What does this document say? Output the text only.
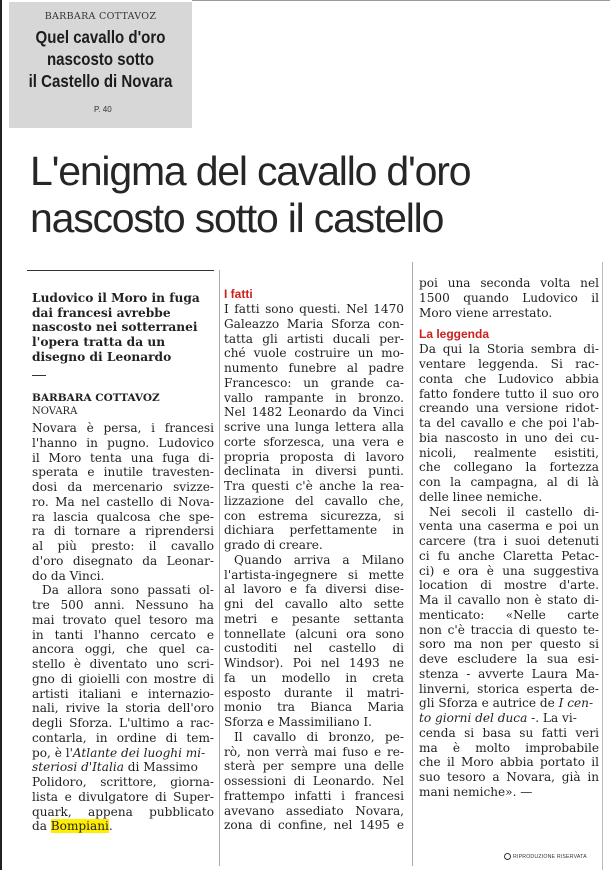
BARBARA COTTAVOZ
Quel cavallo d'oro
nascosto sotto
il Castello di Novara
P. 40
L'enigma del cavallo d'oro
nascosto sotto il castello
Ludovico il Moro in fuga
dai francesi avrebbe
nascosto nei sotterranei
l'opera tratta da un
disegno di Leonardo
BARBARA COTTAVOZ
NOVARA
Novara è persa, i francesi
l'hanno in pugno. Ludovico
il Moro tenta una fuga di-
sperata e inutile travesten-
dosi da mercenario svizze-
ro. Ma nel castello di Nova-
ra lascia qualcosa che spe-
ra di tornare a riprendersi
al più presto: il cavallo
d'oro disegnato da Leonar-
do da Vinci.
Da allora sono passati ol-
tre 500 anni. Nessuno ha
mai trovato quel tesoro ma
in tanti l'hanno cercato e
ancora oggi, che quel ca-
stello è diventato uno scri-
gno di gioielli con mostre di
artisti italiani e internazio-
nali, rivive la storia dell'oro
degli Sforza. L'ultimo a rac-
contarla, in ordine di tem-
po, è l'Atlante dei luoghi mi-
steriosi d'Italia di Massimo
Polidoro, scrittore, giorna-
lista e divulgatore di Super-
quark, appena pubblicato
da Bompiani.
I fatti
I fatti sono questi. Nel 1470
Galeazzo Maria Sforza con-
tatta gli artisti ducali per-
ché vuole costruire un mo-
numento funebre al padre
Francesco: un grande ca-
vallo rampante in bronzo.
Nel 1482 Leonardo da Vinci
scrive una lunga lettera alla
corte sforzesca, una vera e
propria proposta di lavoro
declinata in diversi punti.
Tra questi c'è anche la rea-
lizzazione del cavallo che,
con estrema sicurezza, si
dichiara perfettamente in
grado di creare.
Quando arriva a Milano
l'artista-ingegnere si mette
al lavoro e fa diversi dise-
gni del cavallo alto sette
metri e pesante settanta
tonnellate (alcuni ora sono
custoditi nel castello di
Windsor). Poi nel 1493 ne
fa un modello in creta
esposto durante il matri-
monio tra Bianca Maria
Sforza e Massimiliano I.
Il cavallo di bronzo, pe-
rò, non verrà mai fuso e re-
sterà per sempre una delle
ossessioni di Leonardo. Nel
frattempo infatti i francesi
avevano assediato Novara,
zona di confine, nel 1495 e
poi una seconda volta nel
1500 quando Ludovico il
Moro viene arrestato.
La leggenda
Da qui la Storia sembra di-
ventare leggenda. Si rac-
conta che Ludovico abbia
fatto fondere tutto il suo oro
creando una versione ridot-
ta del cavallo e che poi l'ab-
bia nascosto in uno dei cu-
nicoli, realmente esistiti,
che collegano la fortezza
con la campagna, al di là
delle linee nemiche.
Nei secoli il castello di-
venta una caserma e poi un
carcere (tra i suoi detenuti
ci fu anche Claretta Petac-
ci) e ora è una suggestiva
location di mostre d'arte.
Ma il cavallo non è stato di-
menticato: «Nelle carte
non c'è traccia di questo te-
soro ma non per questo si
deve escludere la sua esi-
stenza - avverte Laura Ma-
linverni, storica esperta de-
gli Sforza e autrice de I cen-
to giorni del duca -. La vi-
cenda si basa su fatti veri
ma è molto improbabile
che il Moro abbia portato il
suo tesoro a Novara, già in
mani nemiche». —
RIPRODUZIONE RISERVATA
